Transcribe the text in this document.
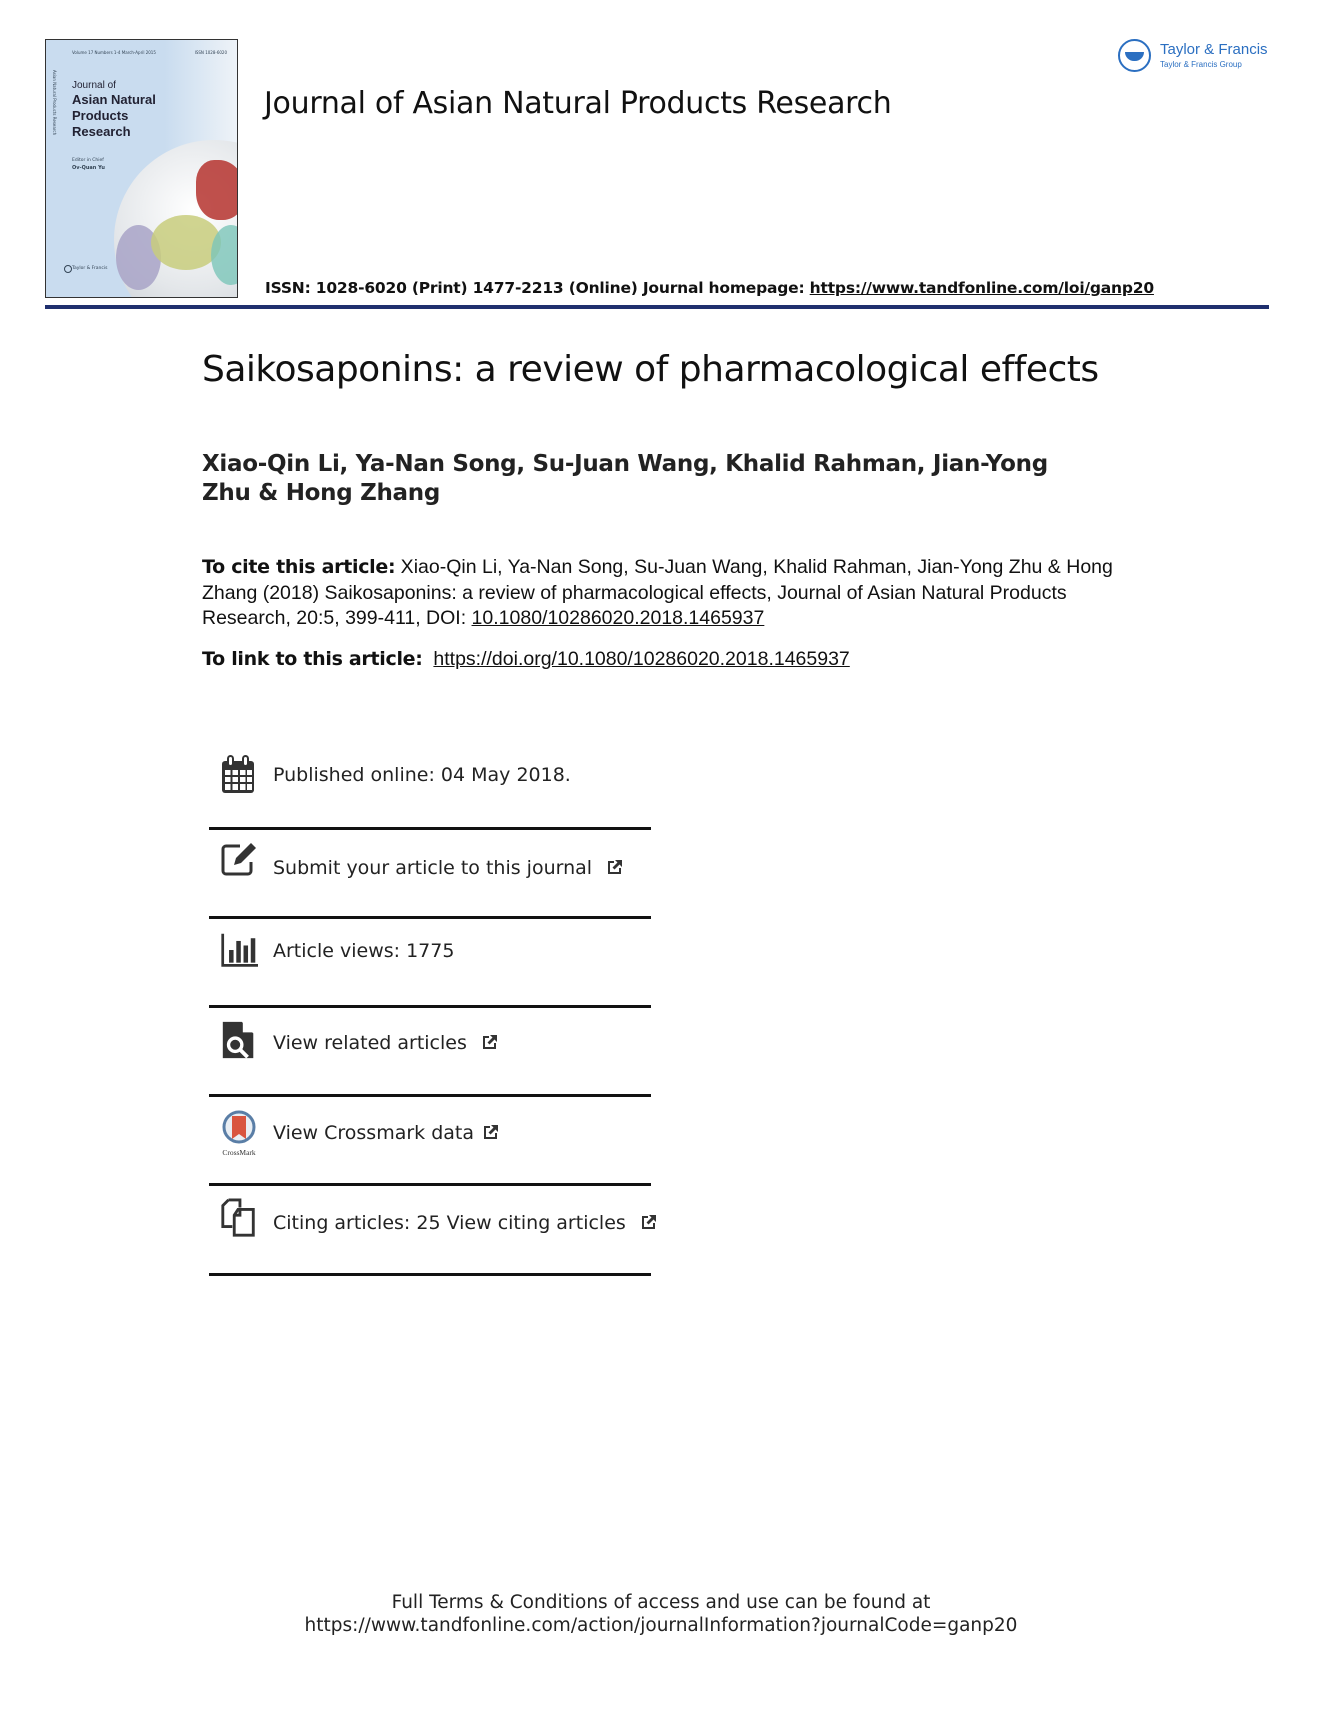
Volume 17 Numbers 1-4 March-April 2015	ISSN 1028-6020
Asian Natural Products Research Journal of
Asian Natural Products Research
Editor in Chief
Ov-Quan Yu
Taylor & Francis
Journal of Asian Natural Products Research
Taylor & Francis
Taylor & Francis Group
ISSN: 1028-6020 (Print) 1477-2213 (Online) Journal homepage: https://www.tandfonline.com/loi/ganp20
Saikosaponins: a review of pharmacological effects
Xiao-Qin Li, Ya-Nan Song, Su-Juan Wang, Khalid Rahman, Jian-Yong Zhu & Hong Zhang
To cite this article: Xiao-Qin Li, Ya-Nan Song, Su-Juan Wang, Khalid Rahman, Jian-Yong Zhu & Hong Zhang (2018) Saikosaponins: a review of pharmacological effects, Journal of Asian Natural Products Research, 20:5, 399-411, DOI: 10.1080/10286020.2018.1465937
To link to this article: https://doi.org/10.1080/10286020.2018.1465937
Published online: 04 May 2018.
Submit your article to this journal
Article views: 1775
View related articles
CrossMark
View Crossmark data
Citing articles: 25 View citing articles
Full Terms & Conditions of access and use can be found at
https://www.tandfonline.com/action/journalInformation?journalCode=ganp20
